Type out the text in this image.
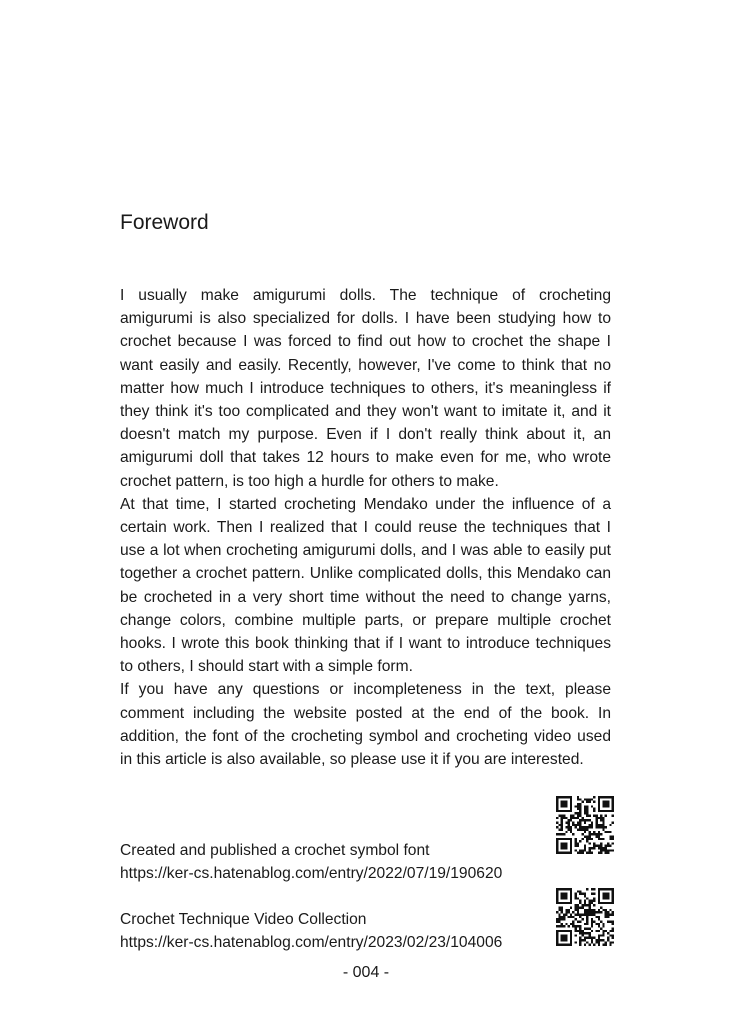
Foreword

I usually make amigurumi dolls. The technique of crocheting amigurumi is also specialized for dolls. I have been studying how to crochet because I was forced to find out how to crochet the shape I want easily and easily. Recently, however, I've come to think that no matter how much I introduce techniques to others, it's meaningless if they think it's too complicated and they won't want to imitate it, and it doesn't match my purpose. Even if I don't really think about it, an amigurumi doll that takes 12 hours to make even for me, who wrote crochet pattern, is too high a hurdle for others to make.

At that time, I started crocheting Mendako under the influence of a certain work. Then I realized that I could reuse the techniques that I use a lot when crocheting amigurumi dolls, and I was able to easily put together a crochet pattern. Unlike complicated dolls, this Mendako can be crocheted in a very short time without the need to change yarns, change colors, combine multiple parts, or prepare multiple crochet hooks. I wrote this book thinking that if I want to introduce techniques to others, I should start with a simple form.

If you have any questions or incompleteness in the text, please comment including the website posted at the end of the book. In addition, the font of the crocheting symbol and crocheting video used in this article is also available, so please use it if you are interested.

Created and published a crochet symbol font
https://ker-cs.hatenablog.com/entry/2022/07/19/190620
Crochet Technique Video Collection
https://ker-cs.hatenablog.com/entry/2023/02/23/104006
- 004 -
